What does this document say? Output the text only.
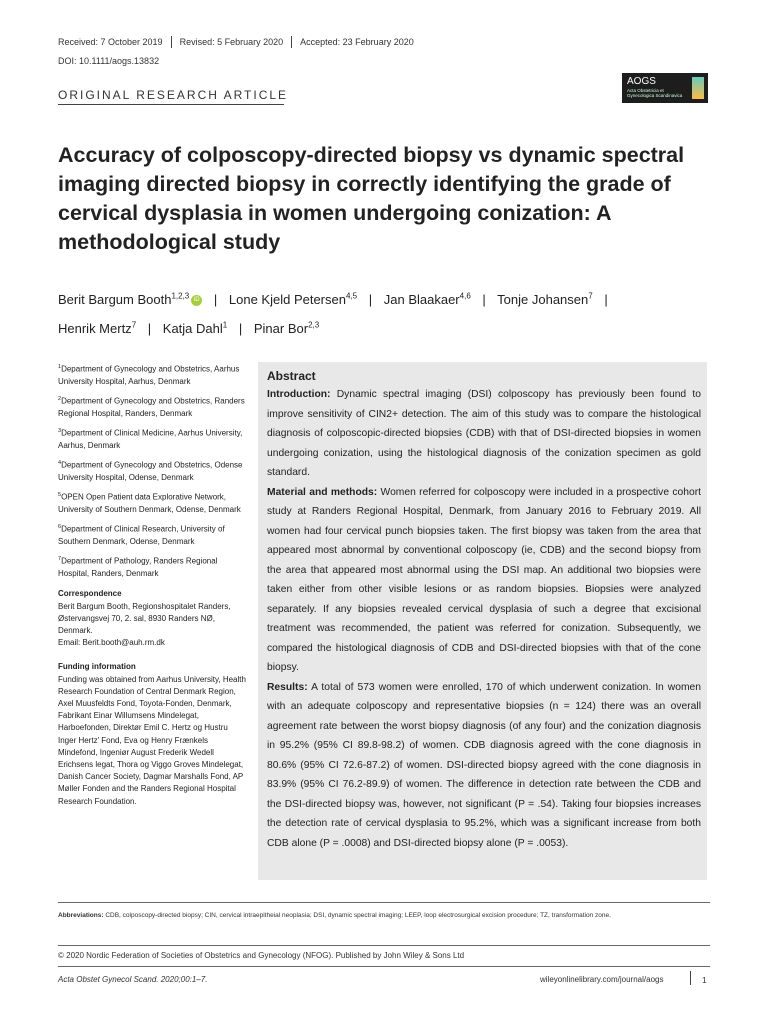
Received: 7 October 2019	Revised: 5 February 2020	Accepted: 23 February 2020
DOI: 10.1111/aogs.13832
ORIGINAL RESEARCH ARTICLE
AOGS
Acta Obstetricia et Gynecologica Scandinavica
Accuracy of colposcopy-directed biopsy vs dynamic spectral imaging directed biopsy in correctly identifying the grade of cervical dysplasia in women undergoing conization: A methodological study
Berit Bargum Booth$^{1,2,3}$ iD | Lone Kjeld Petersen$^{4,5}$ | Jan Blaakaer$^{4,6}$ | Tonje Johansen$^7$ |
Henrik Mertz$^7$ | Katja Dahl$^1$ | Pinar Bor$^{2,3}$
$^1$Department of Gynecology and Obstetrics, Aarhus University Hospital, Aarhus, Denmark
$^2$Department of Gynecology and Obstetrics, Randers Regional Hospital, Randers, Denmark
$^3$Department of Clinical Medicine, Aarhus University, Aarhus, Denmark
$^4$Department of Gynecology and Obstetrics, Odense University Hospital, Odense, Denmark
$^5$OPEN Open Patient data Explorative Network, University of Southern Denmark, Odense, Denmark
$^6$Department of Clinical Research, University of Southern Denmark, Odense, Denmark
$^7$Department of Pathology, Randers Regional Hospital, Randers, Denmark
Correspondence
Berit Bargum Booth, Regionshospitalet Randers, Østervangsvej 70, 2. sal, 8930 Randers NØ, Denmark.
Email: Berit.booth@auh.rm.dk
Funding information
Funding was obtained from Aarhus University, Health Research Foundation of Central Denmark Region, Axel Muusfeldts Fond, Toyota-Fonden, Denmark, Fabrikant Einar Willumsens Mindelegat, Harboefonden, Direktør Emil C. Hertz og Hustru Inger Hertz’ Fond, Eva og Henry Frænkels Mindefond, Ingeniør August Frederik Wedell Erichsens legat, Thora og Viggo Groves Mindelegat, Danish Cancer Society, Dagmar Marshalls Fond, AP Møller Fonden and the Randers Regional Hospital Research Foundation.
Abstract
Introduction: Dynamic spectral imaging (DSI) colposcopy has previously been found to improve sensitivity of CIN2+ detection. The aim of this study was to compare the histological diagnosis of colposcopic-directed biopsies (CDB) with that of DSI-directed biopsies in women undergoing conization, using the histological diagnosis of the conization specimen as gold standard.
Material and methods: Women referred for colposcopy were included in a prospective cohort study at Randers Regional Hospital, Denmark, from January 2016 to February 2019. All women had four cervical punch biopsies taken. The first biopsy was taken from the area that appeared most abnormal by conventional colposcopy (ie, CDB) and the second biopsy from the area that appeared most abnormal using the DSI map. An additional two biopsies were taken either from other visible lesions or as random biopsies. Biopsies were analyzed separately. If any biopsies revealed cervical dysplasia of such a degree that excisional treatment was recommended, the patient was referred for conization. Subsequently, we compared the histological diagnosis of CDB and DSI-directed biopsies with that of the cone biopsy.
Results: A total of 573 women were enrolled, 170 of which underwent conization. In women with an adequate colposcopy and representative biopsies (n = 124) there was an overall agreement rate between the worst biopsy diagnosis (of any four) and the conization diagnosis in 95.2% (95% CI 89.8-98.2) of women. CDB diagnosis agreed with the cone diagnosis in 80.6% (95% CI 72.6-87.2) of women. DSI-directed biopsy agreed with the cone diagnosis in 83.9% (95% CI 76.2-89.9) of women. The difference in detection rate between the CDB and the DSI-directed biopsy was, however, not significant (P = .54). Taking four biopsies increases the detection rate of cervical dysplasia to 95.2%, which was a significant increase from both CDB alone (P = .0008) and DSI-directed biopsy alone (P = .0053).
Abbreviations: CDB, colposcopy-directed biopsy; CIN, cervical intraepitheial neoplasia; DSI, dynamic spectral imaging; LEEP, loop electrosurgical excision procedure; TZ, transformation zone.
© 2020 Nordic Federation of Societies of Obstetrics and Gynecology (NFOG). Published by John Wiley & Sons Ltd
Acta Obstet Gynecol Scand. 2020;00:1–7.	wileyonlinelibrary.com/journal/aogs	1
